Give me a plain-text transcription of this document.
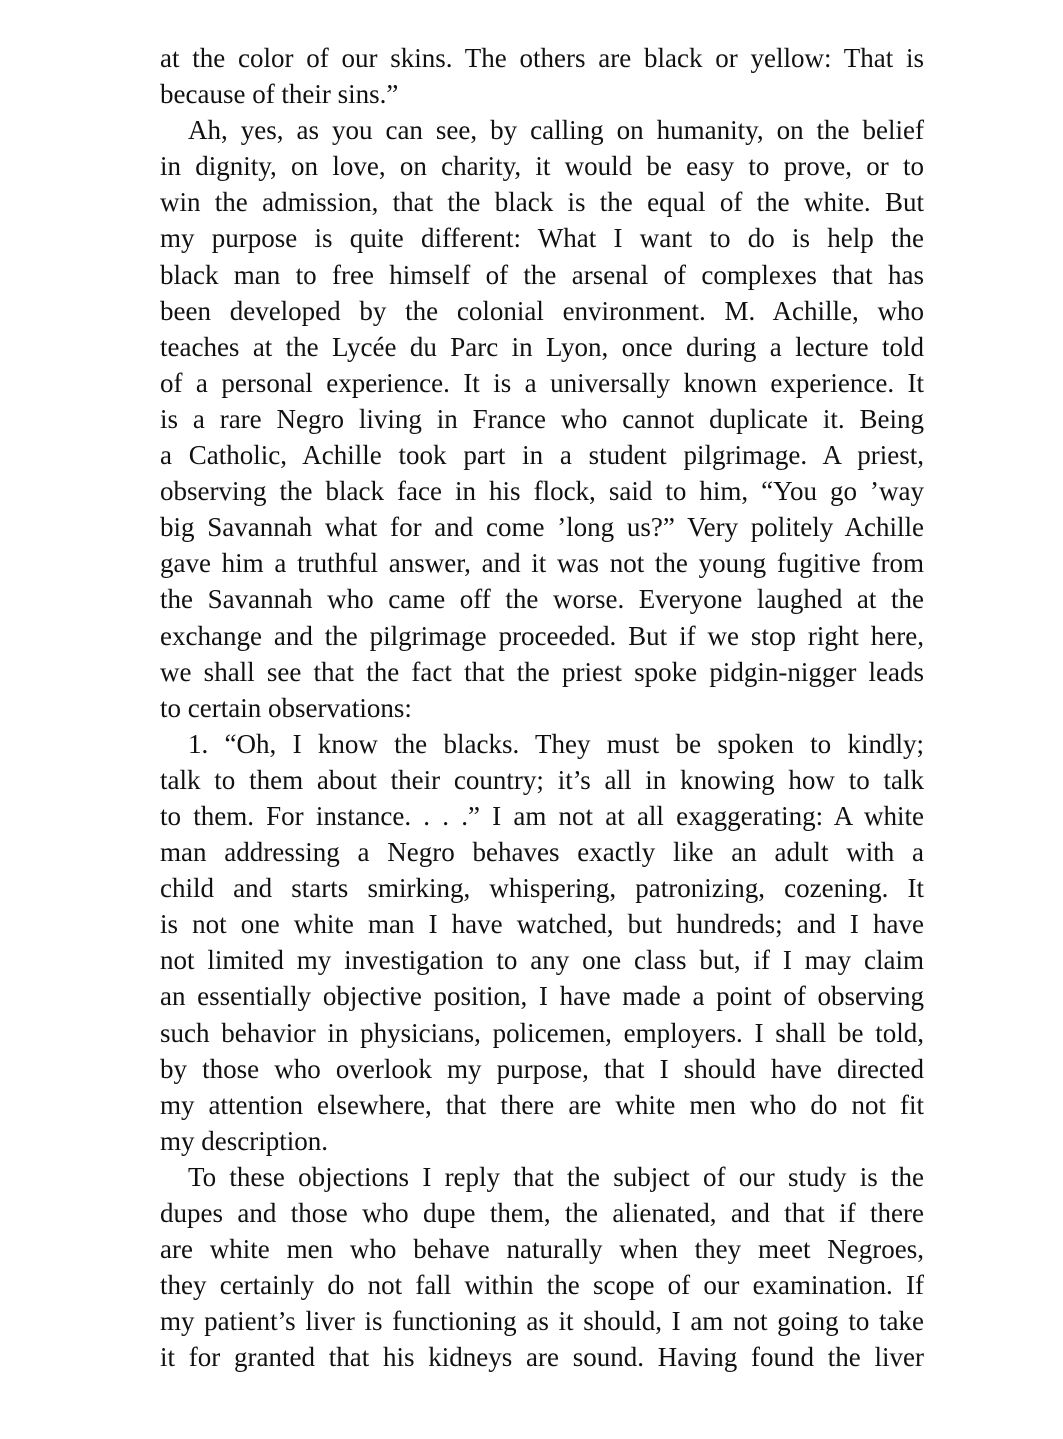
at the color of our skins. The others are black or yellow: That is
because of their sins.”
Ah, yes, as you can see, by calling on humanity, on the belief
in dignity, on love, on charity, it would be easy to prove, or to
win the admission, that the black is the equal of the white. But
my purpose is quite different: What I want to do is help the
black man to free himself of the arsenal of complexes that has
been developed by the colonial environment. M. Achille, who
teaches at the Lycée du Parc in Lyon, once during a lecture told
of a personal experience. It is a universally known experience. It
is a rare Negro living in France who cannot duplicate it. Being
a Catholic, Achille took part in a student pilgrimage. A priest,
observing the black face in his flock, said to him, “You go ’way
big Savannah what for and come ’long us?” Very politely Achille
gave him a truthful answer, and it was not the young fugitive from
the Savannah who came off the worse. Everyone laughed at the
exchange and the pilgrimage proceeded. But if we stop right here,
we shall see that the fact that the priest spoke pidgin-nigger leads
to certain observations:
1. “Oh, I know the blacks. They must be spoken to kindly;
talk to them about their country; it’s all in knowing how to talk
to them. For instance. . . .” I am not at all exaggerating: A white
man addressing a Negro behaves exactly like an adult with a
child and starts smirking, whispering, patronizing, cozening. It
is not one white man I have watched, but hundreds; and I have
not limited my investigation to any one class but, if I may claim
an essentially objective position, I have made a point of observing
such behavior in physicians, policemen, employers. I shall be told,
by those who overlook my purpose, that I should have directed
my attention elsewhere, that there are white men who do not fit
my description.
To these objections I reply that the subject of our study is the
dupes and those who dupe them, the alienated, and that if there
are white men who behave naturally when they meet Negroes,
they certainly do not fall within the scope of our examination. If
my patient’s liver is functioning as it should, I am not going to take
it for granted that his kidneys are sound. Having found the liver
